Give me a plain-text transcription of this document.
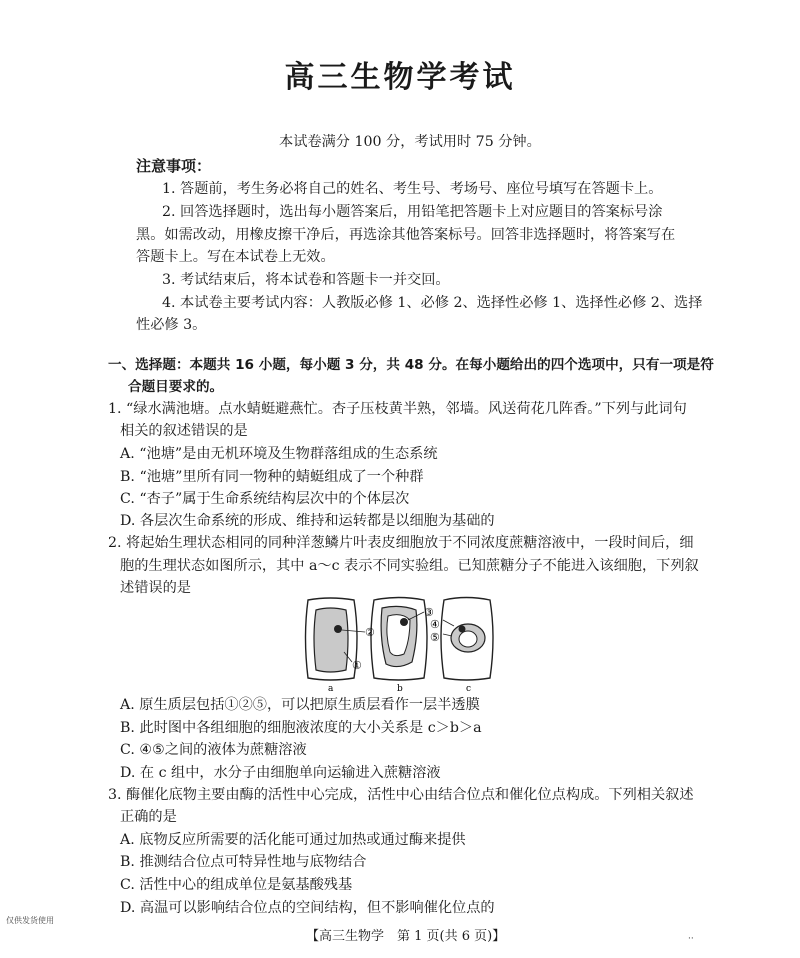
高三生物学考试
本试卷满分 100 分，考试用时 75 分钟。
注意事项：
1. 答题前，考生务必将自己的姓名、考生号、考场号、座位号填写在答题卡上。
2. 回答选择题时，选出每小题答案后，用铅笔把答题卡上对应题目的答案标号涂
黑。如需改动，用橡皮擦干净后，再选涂其他答案标号。回答非选择题时，将答案写在
答题卡上。写在本试卷上无效。
3. 考试结束后，将本试卷和答题卡一并交回。
4. 本试卷主要考试内容：人教版必修 1、必修 2、选择性必修 1、选择性必修 2、选择
性必修 3。
一、选择题：本题共 16 小题，每小题 3 分，共 48 分。在每小题给出的四个选项中，只有一项是符
合题目要求的。
1. “绿水满池塘。点水蜻蜓避燕忙。杏子压枝黄半熟，邻墙。风送荷花几阵香。”下列与此词句
相关的叙述错误的是
A. “池塘”是由无机环境及生物群落组成的生态系统
B. “池塘”里所有同一物种的蜻蜓组成了一个种群
C. “杏子”属于生命系统结构层次中的个体层次
D. 各层次生命系统的形成、维持和运转都是以细胞为基础的
2. 将起始生理状态相同的同种洋葱鳞片叶表皮细胞放于不同浓度蔗糖溶液中，一段时间后，细
胞的生理状态如图所示，其中 a～c 表示不同实验组。已知蔗糖分子不能进入该细胞，下列叙
述错误的是
②
①
③
④
⑤
a	b	c
A. 原生质层包括①②⑤，可以把原生质层看作一层半透膜
B. 此时图中各组细胞的细胞液浓度的大小关系是 c＞b＞a
C. ④⑤之间的液体为蔗糖溶液
D. 在 c 组中，水分子由细胞单向运输进入蔗糖溶液
3. 酶催化底物主要由酶的活性中心完成，活性中心由结合位点和催化位点构成。下列相关叙述
正确的是
A. 底物反应所需要的活化能可通过加热或通过酶来提供
B. 推测结合位点可特异性地与底物结合
C. 活性中心的组成单位是氨基酸残基
D. 高温可以影响结合位点的空间结构，但不影响催化位点的
仅供发货使用
【高三生物学　第 1 页(共 6 页)】	··
